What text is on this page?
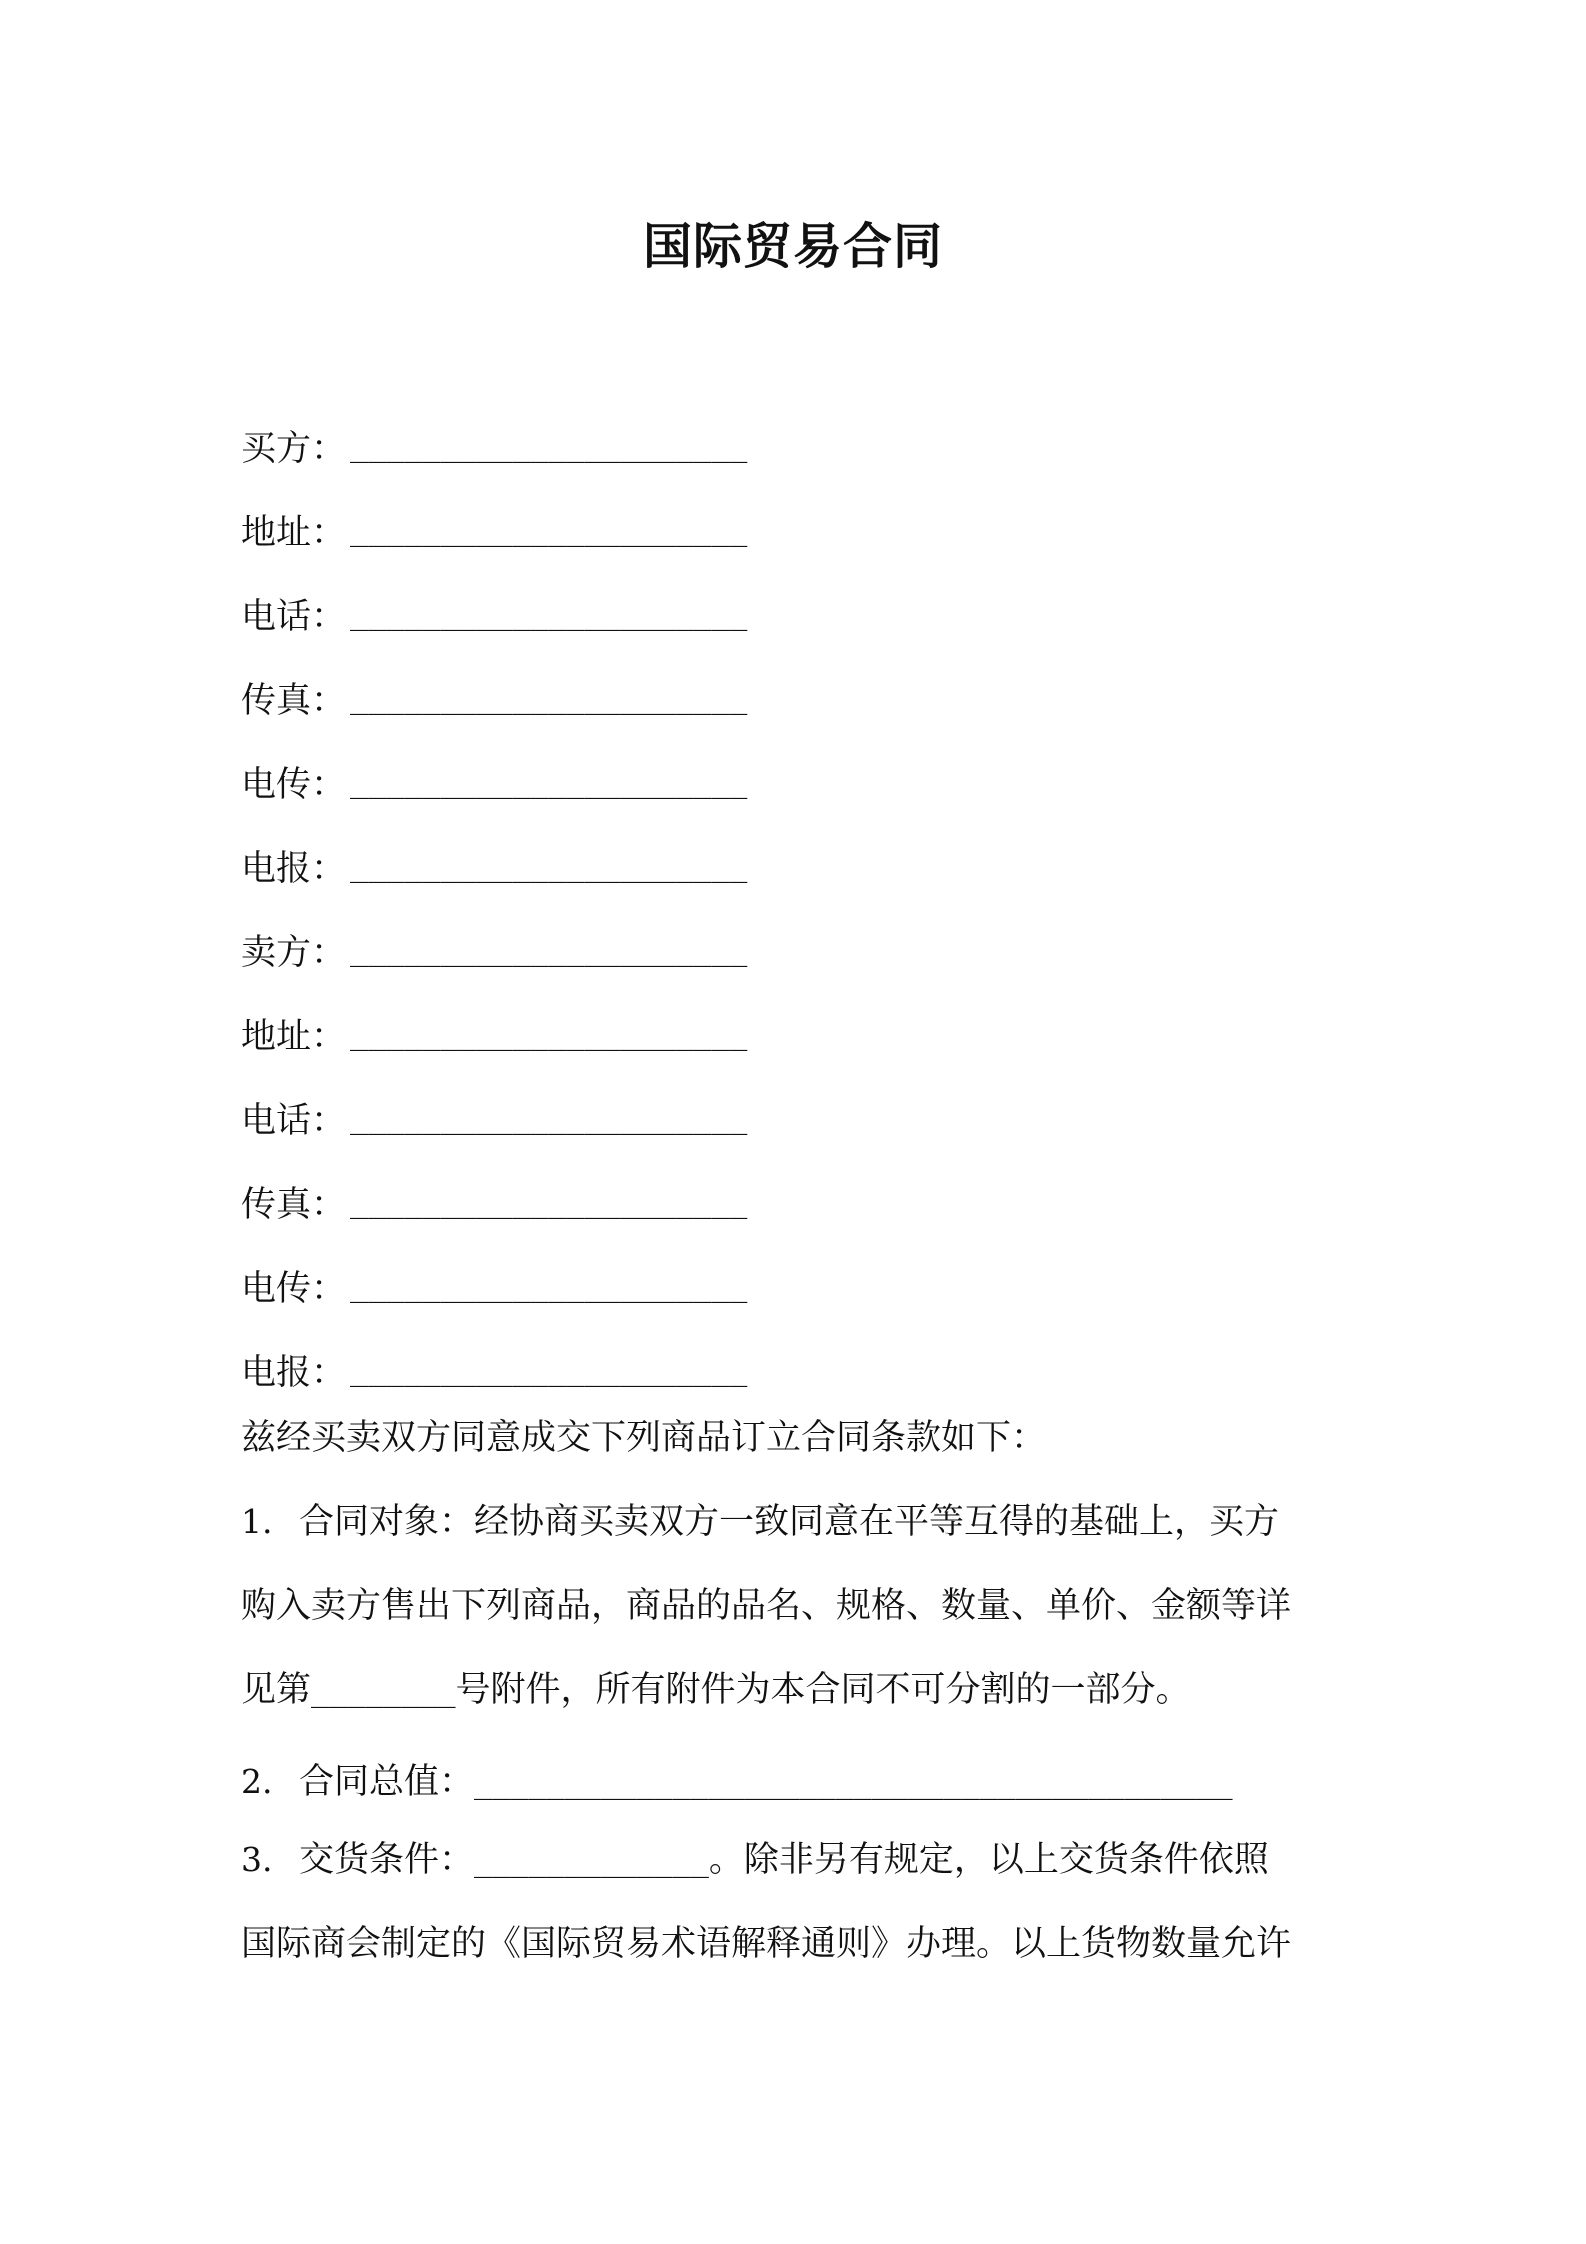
国际贸易合同
买方： ______________________
地址： ______________________
电话： ______________________
传真： ______________________
电传： ______________________
电报： ______________________
卖方： ______________________
地址： ______________________
电话： ______________________
传真： ______________________
电传： ______________________
电报： ______________________
兹经买卖双方同意成交下列商品订立合同条款如下：
1. 合同对象：经协商买卖双方一致同意在平等互得的基础上，买方
购入卖方售出下列商品，商品的品名、规格、数量、单价、金额等详
见第________号附件，所有附件为本合同不可分割的一部分。
2. 合同总值：__________________________________________
3. 交货条件：_____________。除非另有规定，以上交货条件依照
国际商会制定的《国际贸易术语解释通则》办理。以上货物数量允许
